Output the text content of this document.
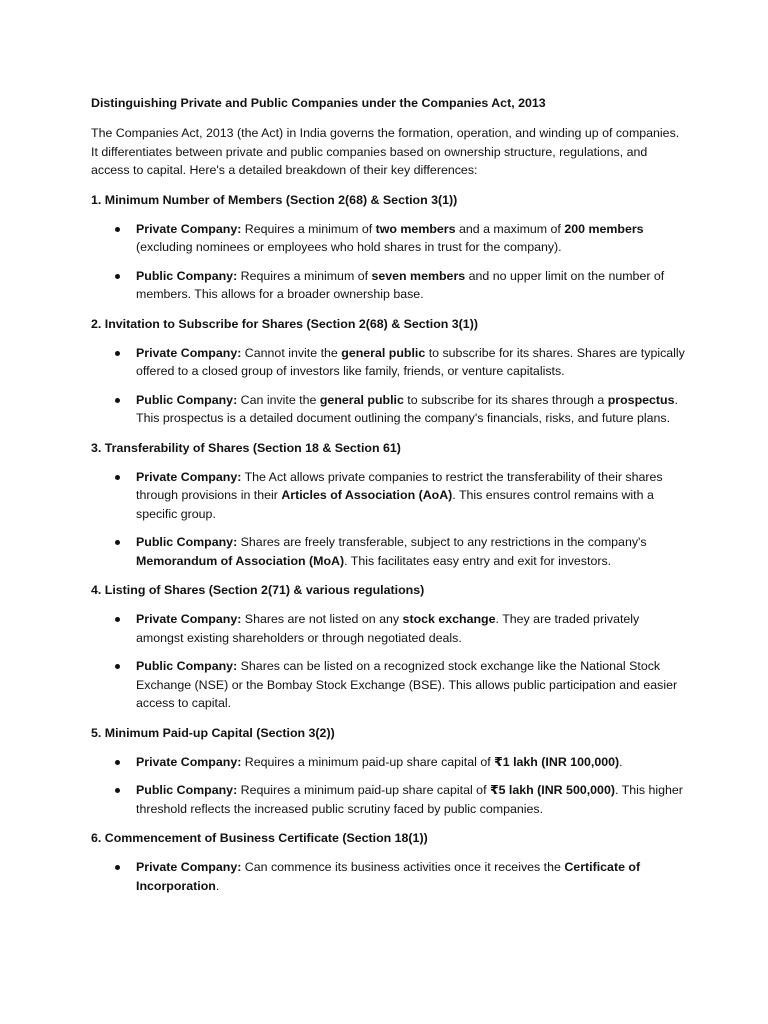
Distinguishing Private and Public Companies under the Companies Act, 2013
The Companies Act, 2013 (the Act) in India governs the formation, operation, and winding up of companies. It differentiates between private and public companies based on ownership structure, regulations, and access to capital. Here's a detailed breakdown of their key differences:
1. Minimum Number of Members (Section 2(68) & Section 3(1))
Private Company: Requires a minimum of two members and a maximum of 200 members (excluding nominees or employees who hold shares in trust for the company).
Public Company: Requires a minimum of seven members and no upper limit on the number of members. This allows for a broader ownership base.
2. Invitation to Subscribe for Shares (Section 2(68) & Section 3(1))
Private Company: Cannot invite the general public to subscribe for its shares. Shares are typically offered to a closed group of investors like family, friends, or venture capitalists.
Public Company: Can invite the general public to subscribe for its shares through a prospectus. This prospectus is a detailed document outlining the company's financials, risks, and future plans.
3. Transferability of Shares (Section 18 & Section 61)
Private Company: The Act allows private companies to restrict the transferability of their shares through provisions in their Articles of Association (AoA). This ensures control remains with a specific group.
Public Company: Shares are freely transferable, subject to any restrictions in the company's Memorandum of Association (MoA). This facilitates easy entry and exit for investors.
4. Listing of Shares (Section 2(71) & various regulations)
Private Company: Shares are not listed on any stock exchange. They are traded privately amongst existing shareholders or through negotiated deals.
Public Company: Shares can be listed on a recognized stock exchange like the National Stock Exchange (NSE) or the Bombay Stock Exchange (BSE). This allows public participation and easier access to capital.
5. Minimum Paid-up Capital (Section 3(2))
Private Company: Requires a minimum paid-up share capital of ₹1 lakh (INR 100,000).
Public Company: Requires a minimum paid-up share capital of ₹5 lakh (INR 500,000). This higher threshold reflects the increased public scrutiny faced by public companies.
6. Commencement of Business Certificate (Section 18(1))
Private Company: Can commence its business activities once it receives the Certificate of Incorporation.
